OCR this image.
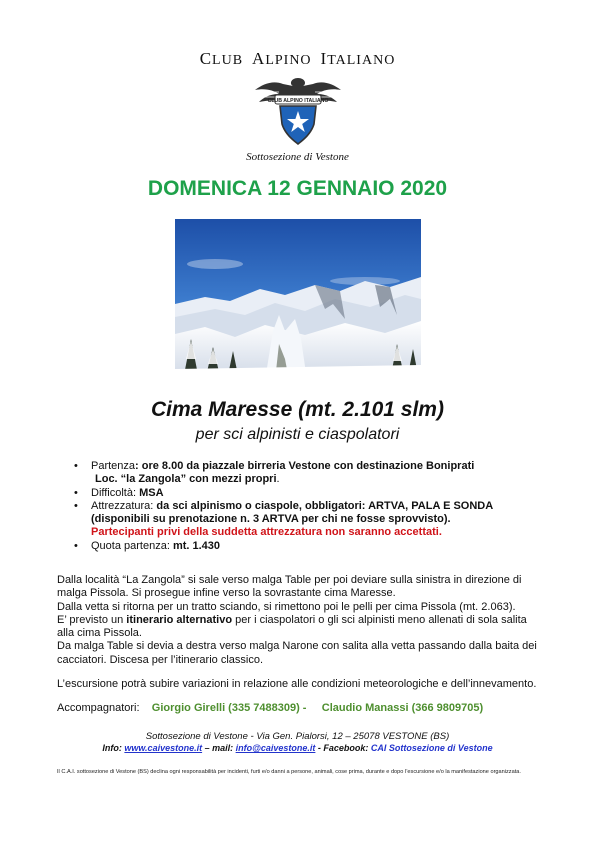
CLUB ALPINO ITALIANO
CLUB ALPINO ITALIANO
Sottosezione di Vestone
DOMENICA 12 GENNAIO 2020
Cima Maresse (mt. 2.101 slm)
per sci alpinisti e ciaspolatori
• Partenza: ore 8.00 da piazzale birreria Vestone con destinazione Boniprati
Loc. “la Zangola” con mezzi propri.
• Difficoltà: MSA
• Attrezzatura: da sci alpinismo o ciaspole, obbligatori: ARTVA, PALA E SONDA
(disponibili su prenotazione n. 3 ARTVA per chi ne fosse sprovvisto).
Partecipanti privi della suddetta attrezzatura non saranno accettati.
• Quota partenza: mt. 1.430

Dalla località “La Zangola” si sale verso malga Table per poi deviare sulla sinistra in direzione di malga Pissola. Si prosegue infine verso la sovrastante cima Maresse.

Dalla vetta si ritorna per un tratto sciando, si rimettono poi le pelli per cima Pissola (mt. 2.063).

E’ previsto un itinerario alternativo per i ciaspolatori o gli sci alpinisti meno allenati di sola salita alla cima Pissola.

Da malga Table si devia a destra verso malga Narone con salita alla vetta passando dalla baita dei cacciatori. Discesa per l’itinerario classico.

L’escursione potrà subire variazioni in relazione alle condizioni meteorologiche e dell’innevamento.
Accompagnatori: Giorgio Girelli (335 7488309) - Claudio Manassi (366 9809705)
Sottosezione di Vestone - Via Gen. Pialorsi, 12 – 25078 VESTONE (BS)
Info: www.caivestone.it – mail: info@caivestone.it - Facebook: CAI Sottosezione di Vestone
Il C.A.I. sottosezione di Vestone (BS) declina ogni responsabilità per incidenti, furti e/o danni a persone, animali, cose prima, durante e dopo l’escursione e/o la manifestazione organizzata.
